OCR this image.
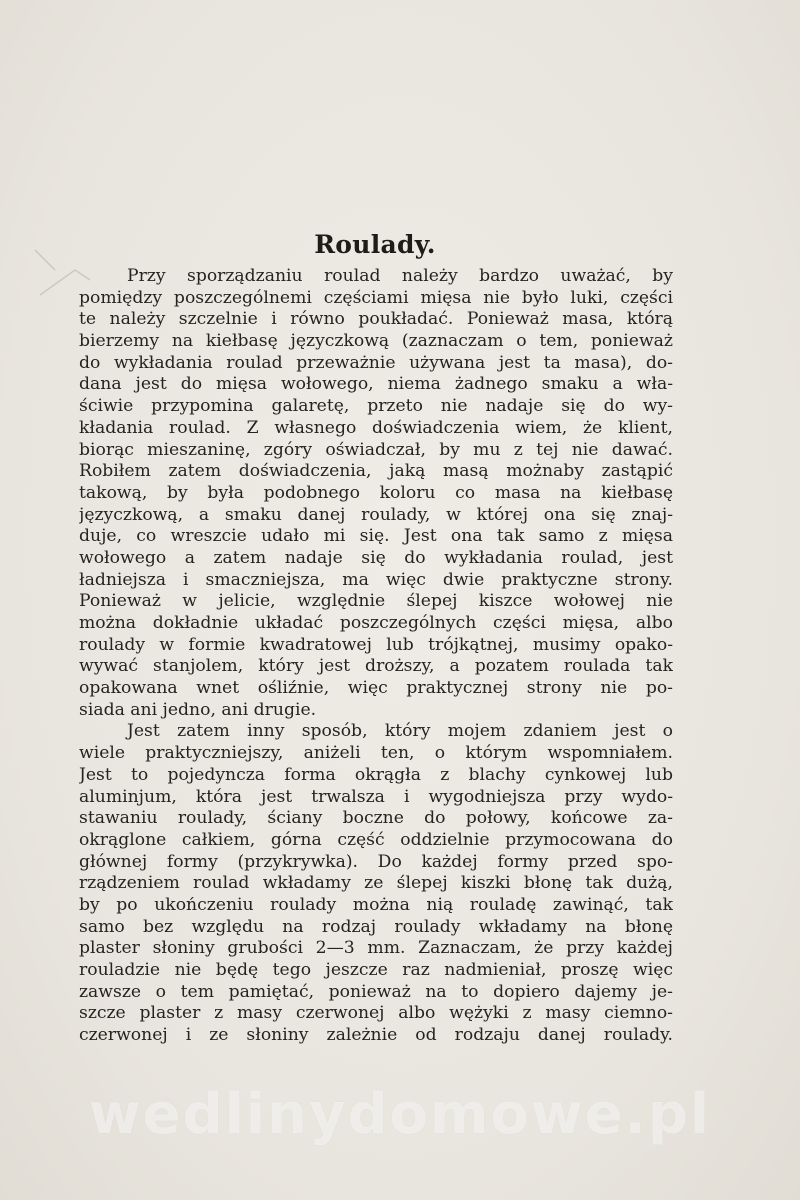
Roulady.
Przy sporządzaniu roulad należy bardzo uważać, by
pomiędzy poszczególnemi częściami mięsa nie było luki, części
te należy szczelnie i równo poukładać. Ponieważ masa, którą
bierzemy na kiełbasę języczkową (zaznaczam o tem, ponieważ
do wykładania roulad przeważnie używana jest ta masa), do-
dana jest do mięsa wołowego, niema żadnego smaku a wła-
ściwie przypomina galaretę, przeto nie nadaje się do wy-
kładania roulad. Z własnego doświadczenia wiem, że klient,
biorąc mieszaninę, zgóry oświadczał, by mu z tej nie dawać.
Robiłem zatem doświadczenia, jaką masą możnaby zastąpić
takową, by była podobnego koloru co masa na kiełbasę
języczkową, a smaku danej roulady, w której ona się znaj-
duje, co wreszcie udało mi się. Jest ona tak samo z mięsa
wołowego a zatem nadaje się do wykładania roulad, jest
ładniejsza i smaczniejsza, ma więc dwie praktyczne strony.
Ponieważ w jelicie, względnie ślepej kiszce wołowej nie
można dokładnie układać poszczególnych części mięsa, albo
roulady w formie kwadratowej lub trójkątnej, musimy opako-
wywać stanjolem, który jest droższy, a pozatem roulada tak
opakowana wnet ośliźnie, więc praktycznej strony nie po-
siada ani jedno, ani drugie.
Jest zatem inny sposób, który mojem zdaniem jest o
wiele praktyczniejszy, aniżeli ten, o którym wspomniałem.
Jest to pojedyncza forma okrągła z blachy cynkowej lub
aluminjum, która jest trwalsza i wygodniejsza przy wydo-
stawaniu roulady, ściany boczne do połowy, końcowe za-
okrąglone całkiem, górna część oddzielnie przymocowana do
głównej formy (przykrywka). Do każdej formy przed spo-
rządzeniem roulad wkładamy ze ślepej kiszki błonę tak dużą,
by po ukończeniu roulady można nią rouladę zawinąć, tak
samo bez względu na rodzaj roulady wkładamy na błonę
plaster słoniny grubości 2—3 mm. Zaznaczam, że przy każdej
rouladzie nie będę tego jeszcze raz nadmieniał, proszę więc
zawsze o tem pamiętać, ponieważ na to dopiero dajemy je-
szcze plaster z masy czerwonej albo wężyki z masy ciemno-
czerwonej i ze słoniny zależnie od rodzaju danej roulady.
wedlinydomowe.pl
